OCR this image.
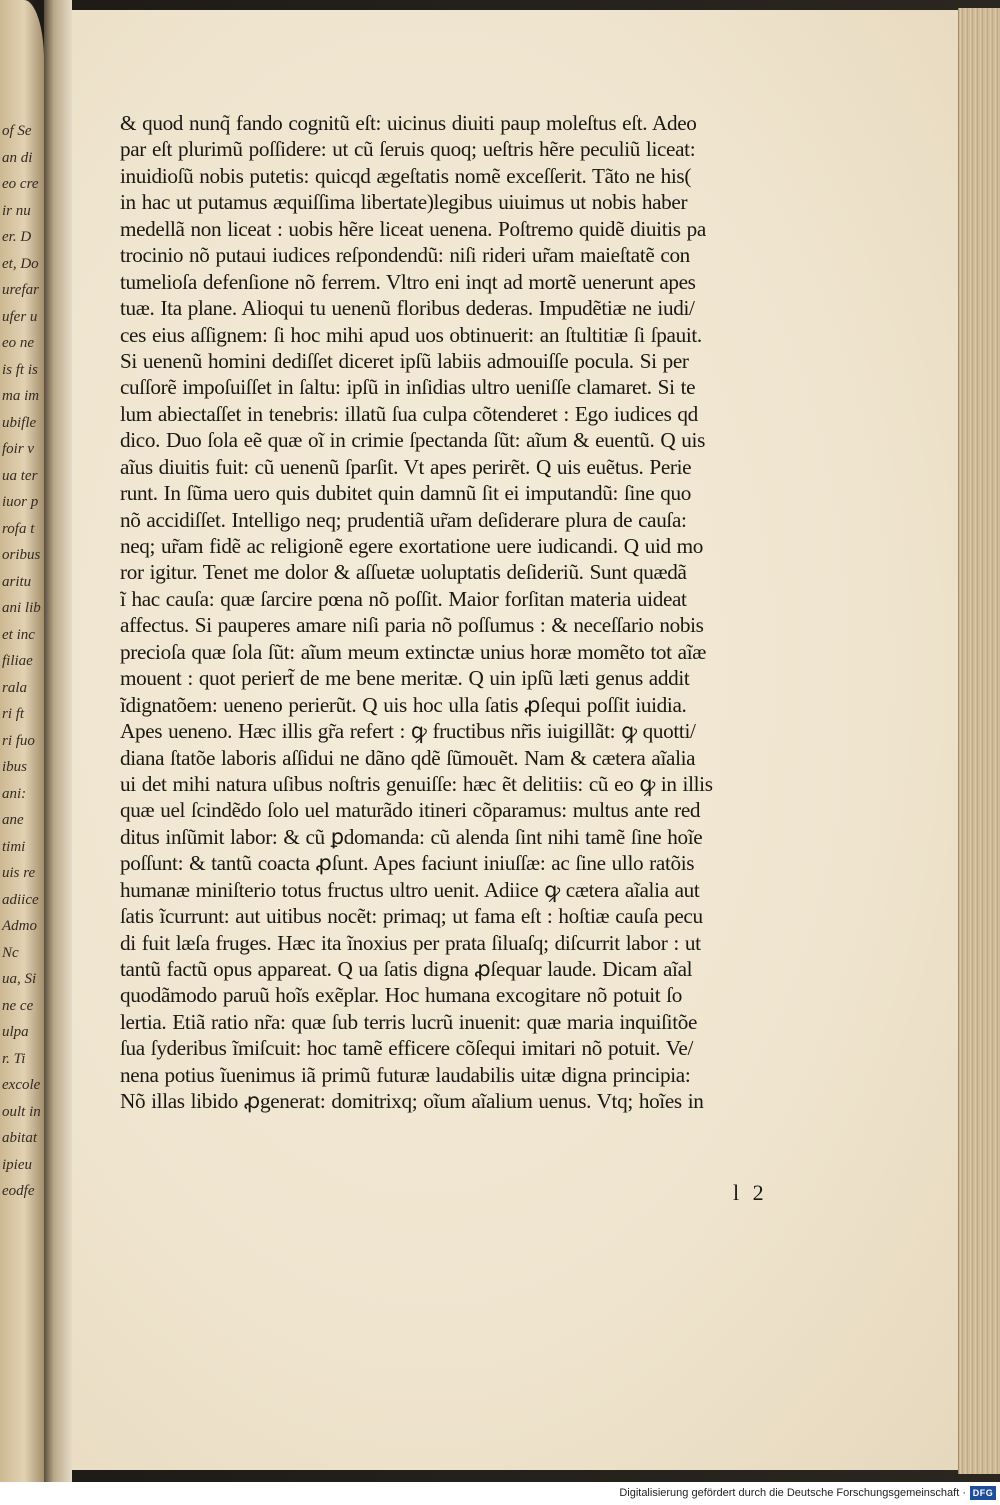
of Se
an di
eo cre
ir nu
er. D
et, Do
urefar
ufer u
eo ne
is ft is
ma im
ubifle
foir v
ua ter
iuor p
rofa t
oribus
aritu
ani lib
et inc
filiae
rala
ri ft
ri fuo
ibus
ani:
ane
timi
uis re
adiice
Admo
Nc
ua, Si
ne ce
ulpa
r. Ti
excole
oult in
abitat
ipieu
eodfe
& quod nunq̃ fando cognitũ eſt: uicinus diuiti paup moleſtus eſt. Adeo
par eſt plurimũ poſſidere: ut cũ ſeruis quoq; ueſtris hẽre peculiũ liceat:
inuidioſũ nobis putetis: quicqd ægeſtatis nomẽ exceſſerit. Tãto ne his(
in hac ut putamus æquiſſima libertate)legibus uiuimus ut nobis haber
medellã non liceat : uobis hẽre liceat uenena. Poſtremo quidẽ diuitis pa
trocinio nõ putaui iudices reſpondendũ: niſi rideri ur̃am maieſtatẽ con
tumelioſa defenſione nõ ferrem. Vltro eni inqt ad mortẽ uenerunt apes
tuæ. Ita plane. Alioqui tu uenenũ floribus dederas. Impudẽtiæ ne iudi/
ces eius aſſignem: ſi hoc mihi apud uos obtinuerit: an ſtultitiæ ſi ſpauit.
Si uenenũ homini dediſſet diceret ipſũ labiis admouiſſe pocula. Si per
cuſſorẽ impoſuiſſet in ſaltu: ipſũ in inſidias ultro ueniſſe clamaret. Si te
lum abiectaſſet in tenebris: illatũ ſua culpa cõtenderet : Ego iudices qd
dico. Duo ſola eẽ quæ oĩ in crimie ſpectanda ſũt: aĩum & euentũ. Q uis
aĩus diuitis fuit: cũ uenenũ ſparſit. Vt apes perirẽt. Q uis euẽtus. Perie
runt. In ſũma uero quis dubitet quin damnũ ſit ei imputandũ: ſine quo
nõ accidiſſet. Intelligo neq; prudentiã ur̃am deſiderare plura de cauſa:
neq; ur̃am fidẽ ac religionẽ egere exortatione uere iudicandi. Q uid mo
ror igitur. Tenet me dolor & aſſuetæ uoluptatis deſideriũ. Sunt quædã
ĩ hac cauſa: quæ ſarcire pœna nõ poſſit. Maior forſitan materia uideat
affectus. Si pauperes amare niſi paria nõ poſſumus : & neceſſario nobis
precioſa quæ ſola ſũt: aĩum meum extinctæ unius horæ momẽto tot aĩæ
mouent : quot periert̃ de me bene meritæ. Q uin ipſũ læti genus addit
ĩdignatõem: ueneno perierũt. Q uis hoc ulla ſatis ꝓſequi poſſit iuidia.
Apes ueneno. Hæc illis gr̃a refert : ꝙ fructibus nr̃is iuigillãt: ꝙ quotti/
diana ſtatõe laboris aſſidui ne dãno qdẽ ſũmouẽt. Nam & cætera aĩalia
ui det mihi natura uſibus noſtris genuiſſe: hæc ẽt delitiis: cũ eo ꝙ in illis
quæ uel ſcindẽdo ſolo uel maturãdo itineri cõparamus: multus ante red
ditus inſũmit labor: & cũ ꝑdomanda: cũ alenda ſint nihi tamẽ ſine hoĩe
poſſunt: & tantũ coacta ꝓſunt. Apes faciunt iniuſſæ: ac ſine ullo ratõis
humanæ miniſterio totus fructus ultro uenit. Adiice ꝙ cætera aĩalia aut
ſatis ĩcurrunt: aut uitibus nocẽt: primaq; ut fama eſt : hoſtiæ cauſa pecu
di fuit læſa fruges. Hæc ita ĩnoxius per prata ſiluaſq; diſcurrit labor : ut
tantũ factũ opus appareat. Q ua ſatis digna ꝓſequar laude. Dicam aĩal
quodãmodo paruũ hoĩs exẽplar. Hoc humana excogitare nõ potuit ſo
lertia. Etiã ratio nr̃a: quæ ſub terris lucrũ inuenit: quæ maria inquiſitõe
ſua ſyderibus ĩmiſcuit: hoc tamẽ efficere cõſequi imitari nõ potuit. Ve/
nena potius ĩuenimus iã primũ futuræ laudabilis uitæ digna principia:
Nõ illas libido ꝓgenerat: domitrixq; oĩum aĩalium uenus. Vtq; hoĩes in
l 2
Digitalisierung gefördert durch die Deutsche Forschungsgemeinschaft · DFG
